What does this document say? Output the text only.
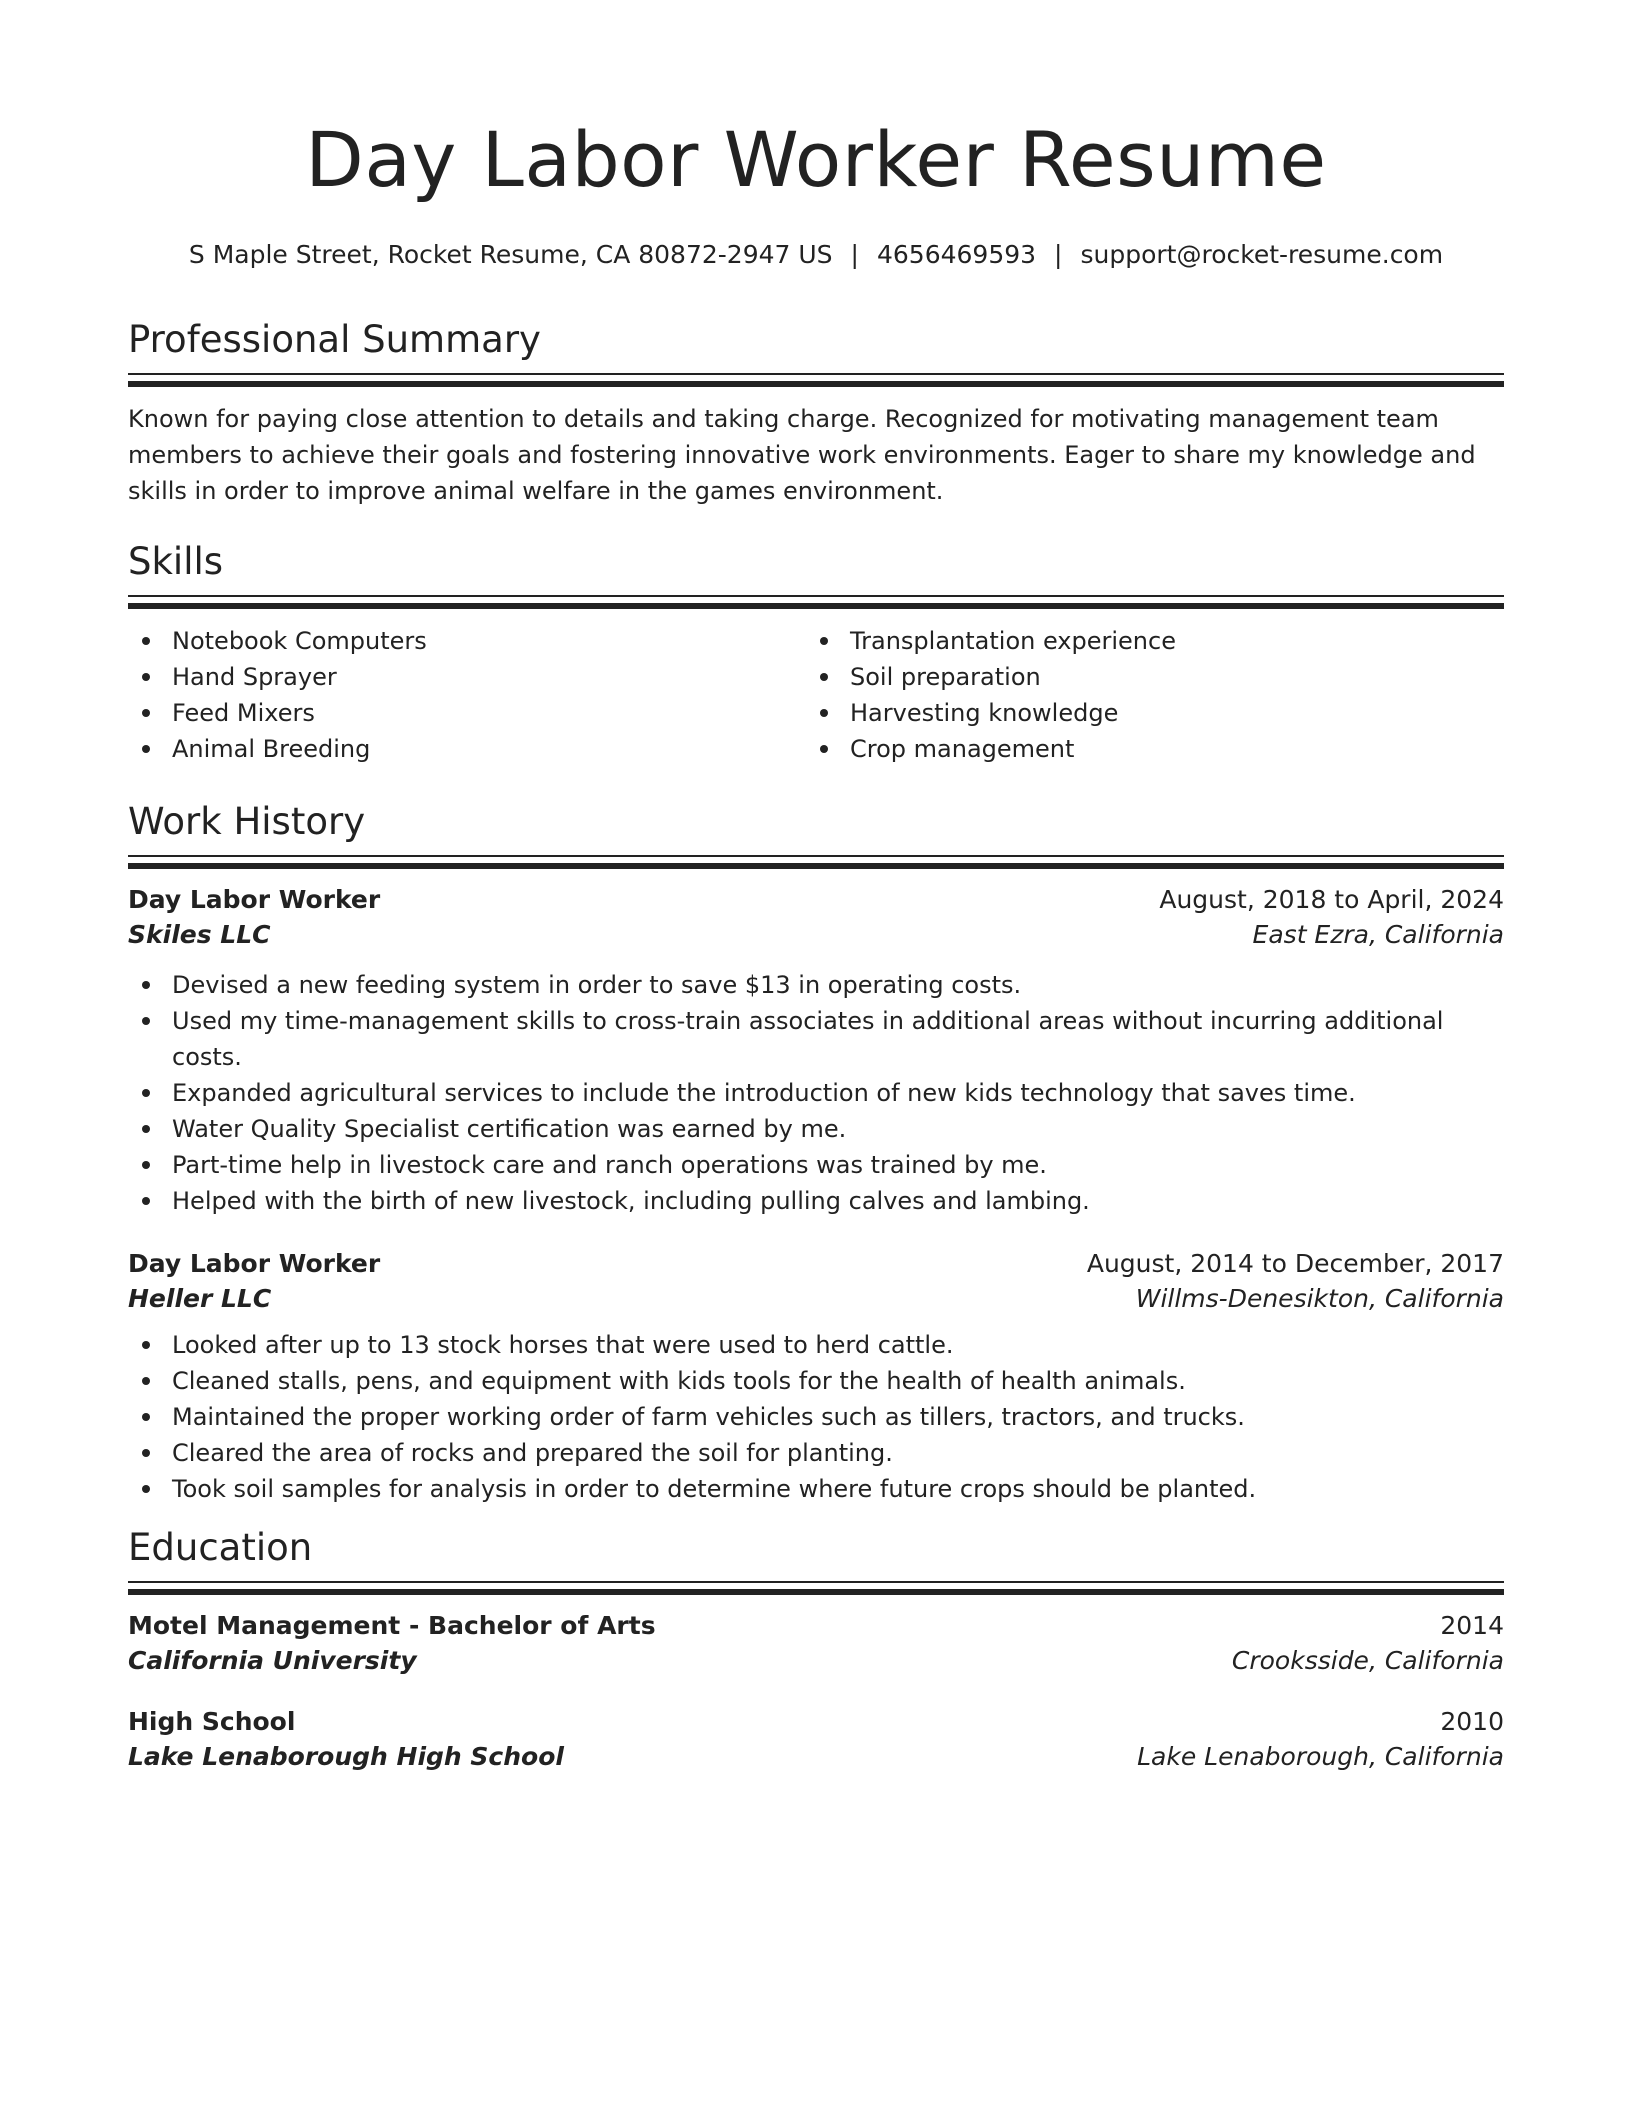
Day Labor Worker Resume
S Maple Street, Rocket Resume, CA 80872-2947 US | 4656469593 | support@rocket-resume.com
Professional Summary

Known for paying close attention to details and taking charge. Recognized for motivating management team members to achieve their goals and fostering innovative work environments. Eager to share my knowledge and skills in order to improve animal welfare in the games environment.

Skills
Notebook Computers
Hand Sprayer
Feed Mixers
Animal Breeding
Transplantation experience
Soil preparation
Harvesting knowledge
Crop management
Work History
Day Labor Worker	August, 2018 to April, 2024
Skiles LLC	East Ezra, California
Devised a new feeding system in order to save $13 in operating costs.
Used my time-management skills to cross-train associates in additional areas without incurring additional costs.
Expanded agricultural services to include the introduction of new kids technology that saves time.
Water Quality Specialist certification was earned by me.
Part-time help in livestock care and ranch operations was trained by me.
Helped with the birth of new livestock, including pulling calves and lambing.
Day Labor Worker	August, 2014 to December, 2017
Heller LLC	Willms-Denesikton, California
Looked after up to 13 stock horses that were used to herd cattle.
Cleaned stalls, pens, and equipment with kids tools for the health of health animals.
Maintained the proper working order of farm vehicles such as tillers, tractors, and trucks.
Cleared the area of rocks and prepared the soil for planting.
Took soil samples for analysis in order to determine where future crops should be planted.
Education
Motel Management - Bachelor of Arts	2014
California University	Crooksside, California
High School	2010
Lake Lenaborough High School	Lake Lenaborough, California
